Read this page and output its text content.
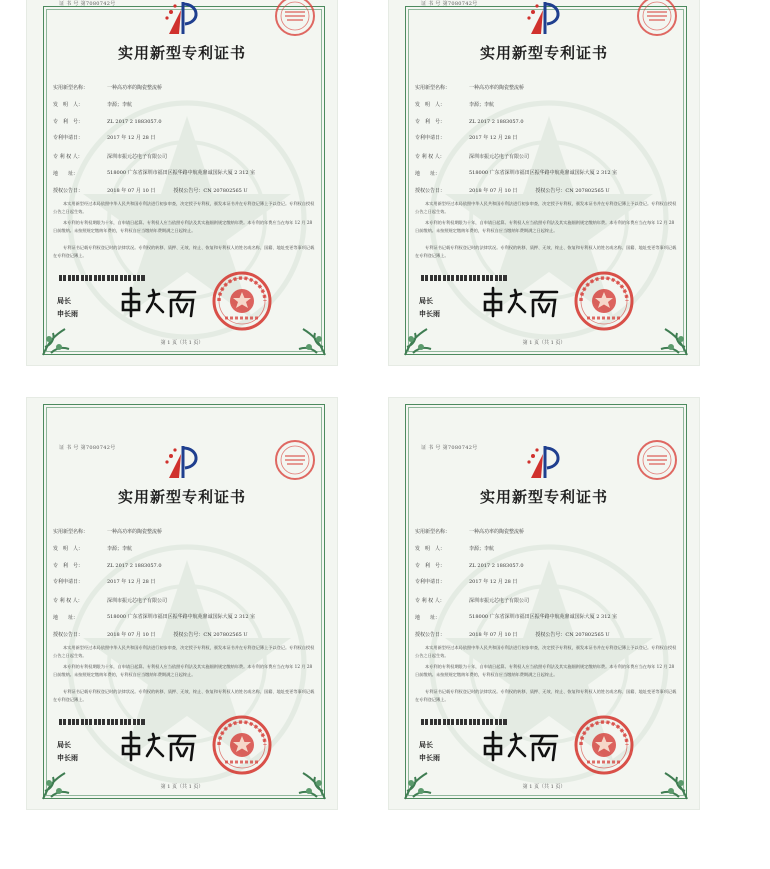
证 书 号 第7080742号
实用新型专利证书
实用新型名称：	一种高功率的陶瓷整流桥
发　明　人：	李源；李航
专　利　号：	ZL 2017 2 1883057.0
专利申请日：	2017 年 12 月 28 日
专 利 权 人：	深圳市振元芯电子有限公司
地　　址：	518000 广东省深圳市福田区振华路中航苑鼎诚国际大厦 2 312 室
授权公告日：	2018 年 07 月 10 日	授权公告号：CN 207802565 U
本实用新型经过本局依照中华人民共和国专利法进行初步审查，决定授予专利权，颁发本证书并在专利登记簿上予以登记。专利权自授权公告之日起生效。
本专利的专利权期限为十年，自申请日起算。专利权人应当依照专利法及其实施细则规定缴纳年费。本专利的年费应当在每年 12 月 28 日前缴纳。未按照规定缴纳年费的，专利权自应当缴纳年费期满之日起终止。
专利证书记载专利权登记时的法律状况。专利权的转移、质押、无效、终止、恢复和专利权人的姓名或名称、国籍、地址变更等事项记载在专利登记簿上。
局长
申长雨
第 1 页（共 1 页）
证 书 号 第7080742号
实用新型专利证书
实用新型名称：	一种高功率的陶瓷整流桥
发　明　人：	李源；李航
专　利　号：	ZL 2017 2 1883057.0
专利申请日：	2017 年 12 月 28 日
专 利 权 人：	深圳市振元芯电子有限公司
地　　址：	518000 广东省深圳市福田区振华路中航苑鼎诚国际大厦 2 312 室
授权公告日：	2018 年 07 月 10 日	授权公告号：CN 207802565 U
本实用新型经过本局依照中华人民共和国专利法进行初步审查，决定授予专利权，颁发本证书并在专利登记簿上予以登记。专利权自授权公告之日起生效。
本专利的专利权期限为十年，自申请日起算。专利权人应当依照专利法及其实施细则规定缴纳年费。本专利的年费应当在每年 12 月 28 日前缴纳。未按照规定缴纳年费的，专利权自应当缴纳年费期满之日起终止。
专利证书记载专利权登记时的法律状况。专利权的转移、质押、无效、终止、恢复和专利权人的姓名或名称、国籍、地址变更等事项记载在专利登记簿上。
局长
申长雨
第 1 页（共 1 页）
证 书 号 第7080742号
实用新型专利证书
实用新型名称：	一种高功率的陶瓷整流桥
发　明　人：	李源；李航
专　利　号：	ZL 2017 2 1883057.0
专利申请日：	2017 年 12 月 28 日
专 利 权 人：	深圳市振元芯电子有限公司
地　　址：	518000 广东省深圳市福田区振华路中航苑鼎诚国际大厦 2 312 室
授权公告日：	2018 年 07 月 10 日	授权公告号：CN 207802565 U
本实用新型经过本局依照中华人民共和国专利法进行初步审查，决定授予专利权，颁发本证书并在专利登记簿上予以登记。专利权自授权公告之日起生效。
本专利的专利权期限为十年，自申请日起算。专利权人应当依照专利法及其实施细则规定缴纳年费。本专利的年费应当在每年 12 月 28 日前缴纳。未按照规定缴纳年费的，专利权自应当缴纳年费期满之日起终止。
专利证书记载专利权登记时的法律状况。专利权的转移、质押、无效、终止、恢复和专利权人的姓名或名称、国籍、地址变更等事项记载在专利登记簿上。
局长
申长雨
第 1 页（共 1 页）
证 书 号 第7080742号
实用新型专利证书
实用新型名称：	一种高功率的陶瓷整流桥
发　明　人：	李源；李航
专　利　号：	ZL 2017 2 1883057.0
专利申请日：	2017 年 12 月 28 日
专 利 权 人：	深圳市振元芯电子有限公司
地　　址：	518000 广东省深圳市福田区振华路中航苑鼎诚国际大厦 2 312 室
授权公告日：	2018 年 07 月 10 日	授权公告号：CN 207802565 U
本实用新型经过本局依照中华人民共和国专利法进行初步审查，决定授予专利权，颁发本证书并在专利登记簿上予以登记。专利权自授权公告之日起生效。
本专利的专利权期限为十年，自申请日起算。专利权人应当依照专利法及其实施细则规定缴纳年费。本专利的年费应当在每年 12 月 28 日前缴纳。未按照规定缴纳年费的，专利权自应当缴纳年费期满之日起终止。
专利证书记载专利权登记时的法律状况。专利权的转移、质押、无效、终止、恢复和专利权人的姓名或名称、国籍、地址变更等事项记载在专利登记簿上。
局长
申长雨
第 1 页（共 1 页）
